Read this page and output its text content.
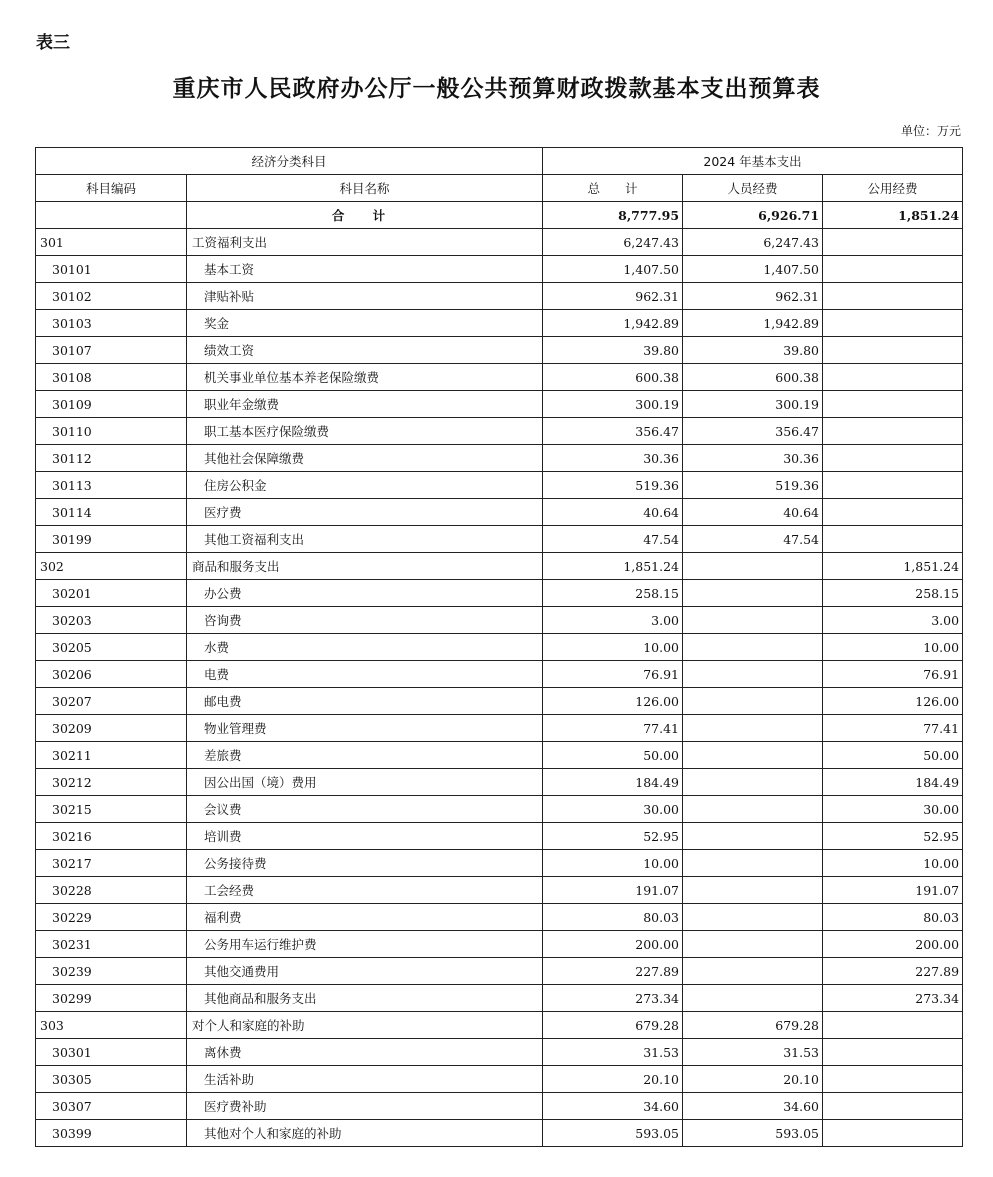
表三
重庆市人民政府办公厅一般公共预算财政拨款基本支出预算表
单位：万元
经济分类科目		2024 年基本支出		
科目编码	科目名称	总　　计	人员经费	公用经费
	合 计	8,777.95	6,926.71	1,851.24
301	工资福利支出	6,247.43	6,247.43	
30101	基本工资	1,407.50	1,407.50	
30102	津贴补贴	962.31	962.31	
30103	奖金	1,942.89	1,942.89	
30107	绩效工资	39.80	39.80	
30108	机关事业单位基本养老保险缴费	600.38	600.38	
30109	职业年金缴费	300.19	300.19	
30110	职工基本医疗保险缴费	356.47	356.47	
30112	其他社会保障缴费	30.36	30.36	
30113	住房公积金	519.36	519.36	
30114	医疗费	40.64	40.64	
30199	其他工资福利支出	47.54	47.54	
302	商品和服务支出	1,851.24		1,851.24
30201	办公费	258.15		258.15
30203	咨询费	3.00		3.00
30205	水费	10.00		10.00
30206	电费	76.91		76.91
30207	邮电费	126.00		126.00
30209	物业管理费	77.41		77.41
30211	差旅费	50.00		50.00
30212	因公出国（境）费用	184.49		184.49
30215	会议费	30.00		30.00
30216	培训费	52.95		52.95
30217	公务接待费	10.00		10.00
30228	工会经费	191.07		191.07
30229	福利费	80.03		80.03
30231	公务用车运行维护费	200.00		200.00
30239	其他交通费用	227.89		227.89
30299	其他商品和服务支出	273.34		273.34
303	对个人和家庭的补助	679.28	679.28	
30301	离休费	31.53	31.53	
30305	生活补助	20.10	20.10	
30307	医疗费补助	34.60	34.60	
30399	其他对个人和家庭的补助	593.05	593.05	
